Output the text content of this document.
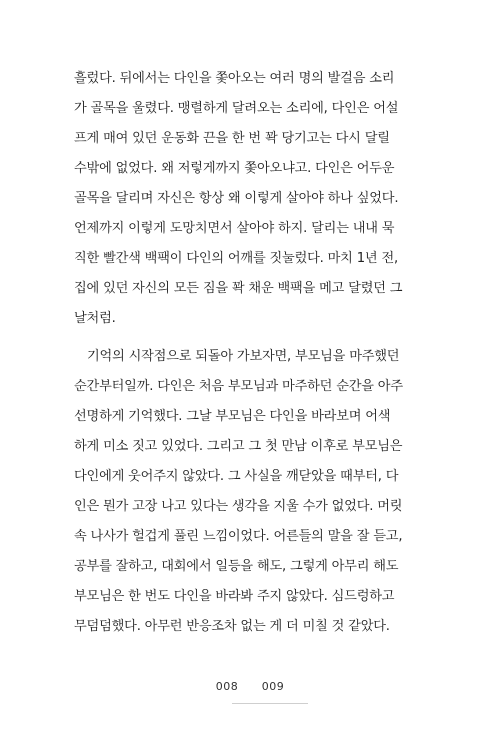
흘렀다. 뒤에서는 다인을 쫓아오는 여러 명의 발걸음 소리
가 골목을 울렸다. 맹렬하게 달려오는 소리에, 다인은 어설
프게 매여 있던 운동화 끈을 한 번 꽉 당기고는 다시 달릴
수밖에 없었다. 왜 저렇게까지 쫓아오냐고. 다인은 어두운
골목을 달리며 자신은 항상 왜 이렇게 살아야 하나 싶었다.
언제까지 이렇게 도망치면서 살아야 하지. 달리는 내내 묵
직한 빨간색 백팩이 다인의 어깨를 짓눌렀다. 마치 1년 전,
집에 있던 자신의 모든 짐을 꽉 채운 백팩을 메고 달렸던 그
날처럼.
기억의 시작점으로 되돌아 가보자면, 부모님을 마주했던
순간부터일까. 다인은 처음 부모님과 마주하던 순간을 아주
선명하게 기억했다. 그날 부모님은 다인을 바라보며 어색
하게 미소 짓고 있었다. 그리고 그 첫 만남 이후로 부모님은
다인에게 웃어주지 않았다. 그 사실을 깨닫았을 때부터, 다
인은 뭔가 고장 나고 있다는 생각을 지울 수가 없었다. 머릿
속 나사가 헐겁게 풀린 느낌이었다. 어른들의 말을 잘 듣고,
공부를 잘하고, 대회에서 일등을 해도, 그렇게 아무리 해도
부모님은 한 번도 다인을 바라봐 주지 않았다. 심드렁하고
무덤덤했다. 아무런 반응조차 없는 게 더 미칠 것 같았다.
008 009
